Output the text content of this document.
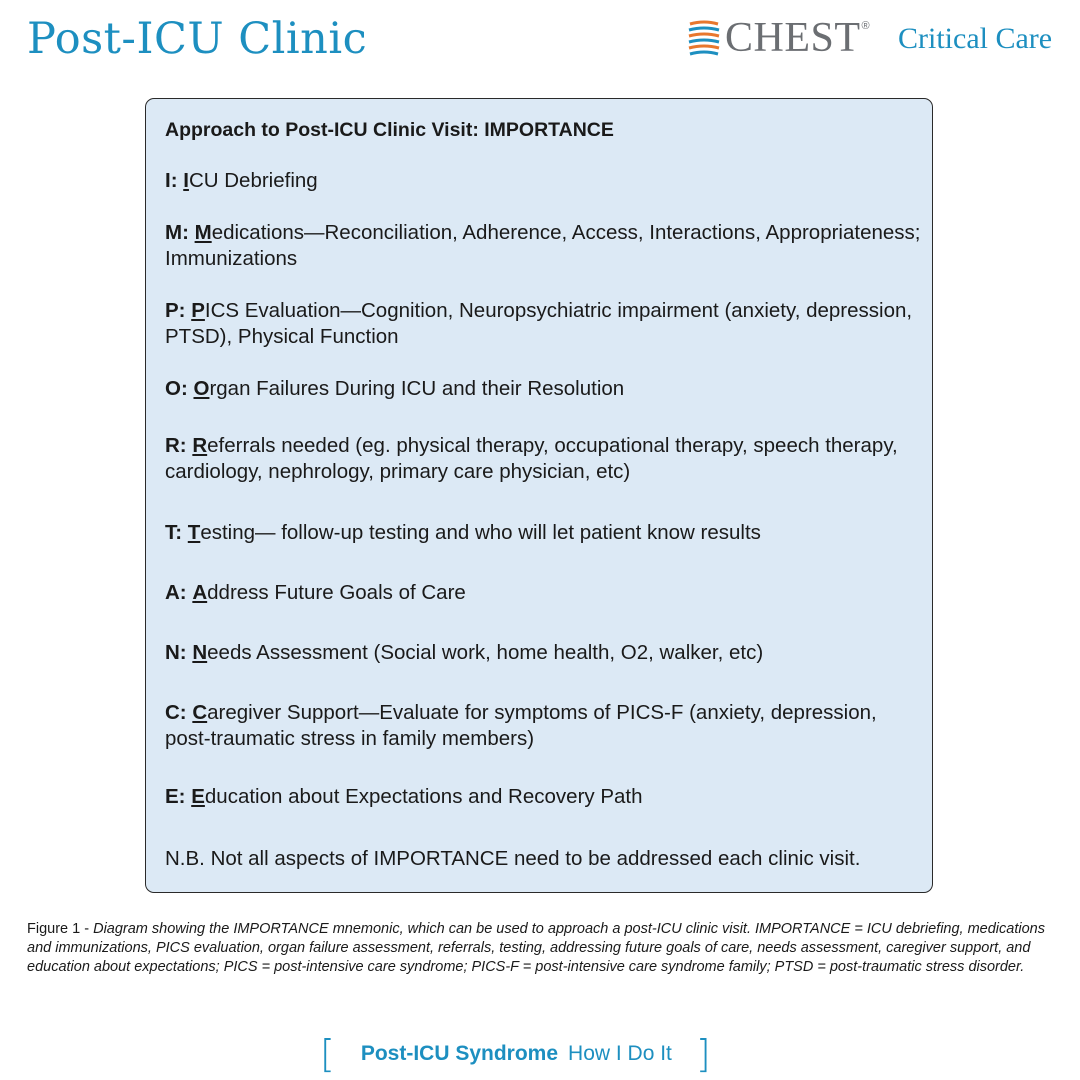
Post-ICU Clinic	CHEST ® Critical Care
Approach to Post-ICU Clinic Visit: IMPORTANCE
I: ICU Debriefing
M: Medications—Reconciliation, Adherence, Access, Interactions, Appropriateness; Immunizations
P: PICS Evaluation—Cognition, Neuropsychiatric impairment (anxiety, depression, PTSD), Physical Function
O: Organ Failures During ICU and their Resolution
R: Referrals needed (eg. physical therapy, occupational therapy, speech therapy, cardiology, nephrology, primary care physician, etc)
T: Testing— follow-up testing and who will let patient know results
A: Address Future Goals of Care
N: Needs Assessment (Social work, home health, O2, walker, etc)
C: Caregiver Support—Evaluate for symptoms of PICS-F (anxiety, depression, post-traumatic stress in family members)
E: Education about Expectations and Recovery Path
N.B. Not all aspects of IMPORTANCE need to be addressed each clinic visit.
Figure 1 - Diagram showing the IMPORTANCE mnemonic, which can be used to approach a post-ICU clinic visit. IMPORTANCE = ICU debriefing, medications and immunizations, PICS evaluation, organ failure assessment, referrals, testing, addressing future goals of care, needs assessment, caregiver support, and education about expectations; PICS = post-intensive care syndrome; PICS-F = post-intensive care syndrome family; PTSD = post-traumatic stress disorder.
[ Post-ICU Syndrome How I Do It ]
